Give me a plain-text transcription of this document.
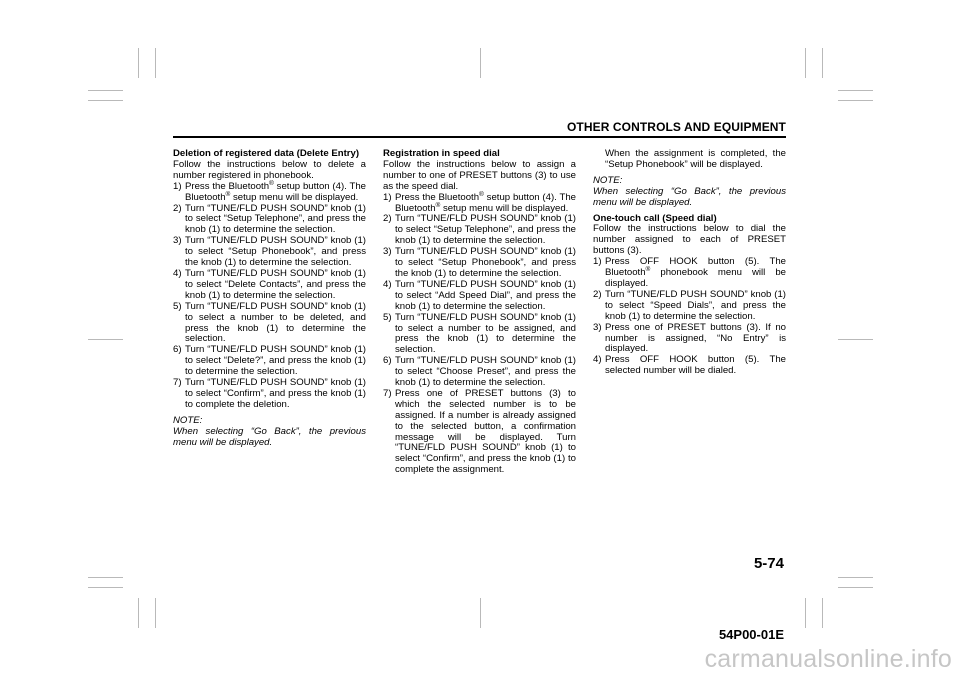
OTHER CONTROLS AND EQUIPMENT

Deletion of registered data (Delete Entry)

Follow the instructions below to delete a number registered in phonebook.

1) Press the Bluetooth® setup button (4). The Bluetooth® setup menu will be displayed.
2) Turn “TUNE/FLD PUSH SOUND” knob (1) to select “Setup Telephone”, and press the knob (1) to determine the selection.
3) Turn “TUNE/FLD PUSH SOUND” knob (1) to select “Setup Phonebook”, and press the knob (1) to determine the selection.
4) Turn “TUNE/FLD PUSH SOUND” knob (1) to select “Delete Contacts”, and press the knob (1) to determine the selection.
5) Turn “TUNE/FLD PUSH SOUND” knob (1) to select a number to be deleted, and press the knob (1) to determine the selection.
6) Turn “TUNE/FLD PUSH SOUND” knob (1) to select “Delete?”, and press the knob (1) to determine the selection.
7) Turn “TUNE/FLD PUSH SOUND” knob (1) to select “Confirm”, and press the knob (1) to complete the deletion.

NOTE:

When selecting “Go Back”, the previous menu will be displayed.

Registration in speed dial

Follow the instructions below to assign a number to one of PRESET buttons (3) to use as the speed dial.

1) Press the Bluetooth® setup button (4). The Bluetooth® setup menu will be displayed.
2) Turn “TUNE/FLD PUSH SOUND” knob (1) to select “Setup Telephone”, and press the knob (1) to determine the selection.
3) Turn “TUNE/FLD PUSH SOUND” knob (1) to select “Setup Phonebook”, and press the knob (1) to determine the selection.
4) Turn “TUNE/FLD PUSH SOUND” knob (1) to select “Add Speed Dial”, and press the knob (1) to determine the selection.
5) Turn “TUNE/FLD PUSH SOUND” knob (1) to select a number to be assigned, and press the knob (1) to determine the selection.
6) Turn “TUNE/FLD PUSH SOUND” knob (1) to select “Choose Preset”, and press the knob (1) to determine the selection.
7) Press one of PRESET buttons (3) to which the selected number is to be assigned. If a number is already assigned to the selected button, a confirmation message will be displayed. Turn “TUNE/FLD PUSH SOUND” knob (1) to select “Confirm”, and press the knob (1) to complete the assignment.

When the assignment is completed, the “Setup Phonebook” will be displayed.

NOTE:

When selecting “Go Back”, the previous menu will be displayed.

One-touch call (Speed dial)

Follow the instructions below to dial the number assigned to each of PRESET buttons (3).

1) Press OFF HOOK button (5). The Bluetooth® phonebook menu will be displayed.
2) Turn “TUNE/FLD PUSH SOUND” knob (1) to select “Speed Dials”, and press the knob (1) to determine the selection.
3) Press one of PRESET buttons (3). If no number is assigned, “No Entry” is displayed.
4) Press OFF HOOK button (5). The selected number will be dialed.
5-74
54P00-01E
carmanualsonline.info
